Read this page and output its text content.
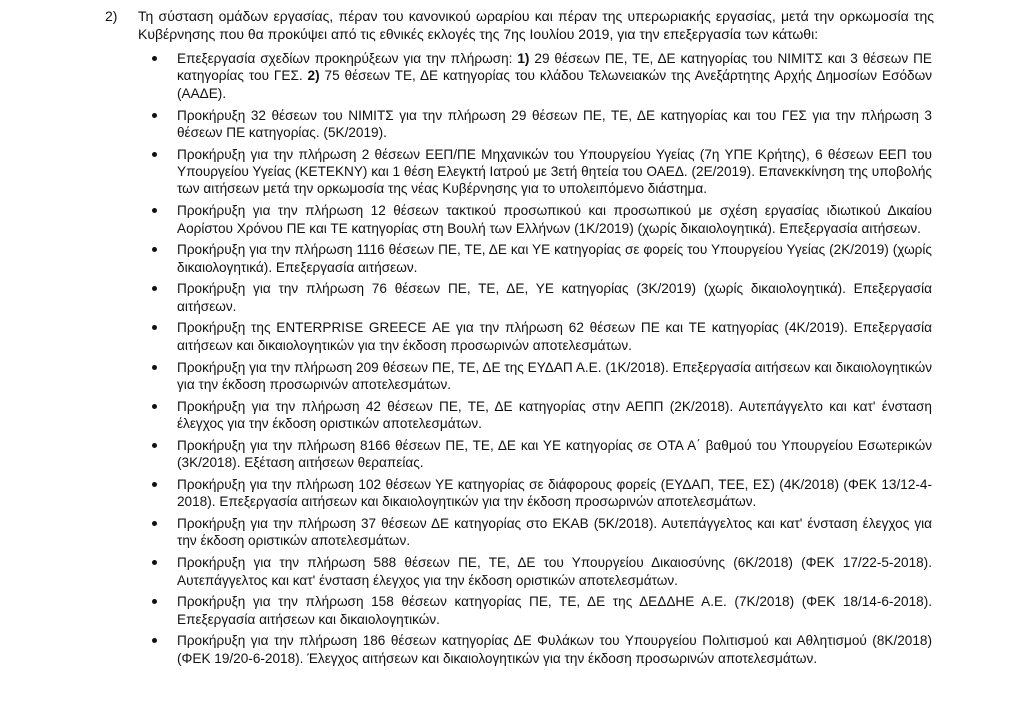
2) Τη σύσταση ομάδων εργασίας, πέραν του κανονικού ωραρίου και πέραν της υπερωριακής εργασίας, μετά την ορκωμοσία της Κυβέρνησης που θα προκύψει από τις εθνικές εκλογές της 7ης Ιουλίου 2019, για την επεξεργασία των κάτωθι:
Επεξεργασία σχεδίων προκηρύξεων για την πλήρωση: 1) 29 θέσεων ΠΕ, ΤΕ, ΔΕ κατηγορίας του ΝΙΜΙΤΣ και 3 θέσεων ΠΕ κατηγορίας του ΓΕΣ. 2) 75 θέσεων ΤΕ, ΔΕ κατηγορίας του κλάδου Τελωνειακών της Ανεξάρτητης Αρχής Δημοσίων Εσόδων (ΑΑΔΕ).
Προκήρυξη 32 θέσεων του ΝΙΜΙΤΣ για την πλήρωση 29 θέσεων ΠΕ, ΤΕ, ΔΕ κατηγορίας και του ΓΕΣ για την πλήρωση 3 θέσεων ΠΕ κατηγορίας. (5Κ/2019).
Προκήρυξη για την πλήρωση 2 θέσεων ΕΕΠ/ΠΕ Μηχανικών του Υπουργείου Υγείας (7η ΥΠΕ Κρήτης), 6 θέσεων ΕΕΠ του Υπουργείου Υγείας (ΚΕΤΕΚΝΥ) και 1 θέση Ελεγκτή Ιατρού με 3ετή θητεία του ΟΑΕΔ. (2Ε/2019). Επανεκκίνηση της υποβολής των αιτήσεων μετά την ορκωμοσία της νέας Κυβέρνησης για το υπολειπόμενο διάστημα.
Προκήρυξη για την πλήρωση 12 θέσεων τακτικού προσωπικού και προσωπικού με σχέση εργασίας ιδιωτικού Δικαίου Αορίστου Χρόνου ΠΕ και ΤΕ κατηγορίας στη Βουλή των Ελλήνων (1Κ/2019) (χωρίς δικαιολογητικά). Επεξεργασία αιτήσεων.
Προκήρυξη για την πλήρωση 1116 θέσεων ΠΕ, ΤΕ, ΔΕ και ΥΕ κατηγορίας σε φορείς του Υπουργείου Υγείας (2Κ/2019) (χωρίς δικαιολογητικά). Επεξεργασία αιτήσεων.
Προκήρυξη για την πλήρωση 76 θέσεων ΠΕ, ΤΕ, ΔΕ, ΥΕ κατηγορίας (3Κ/2019) (χωρίς δικαιολογητικά). Επεξεργασία αιτήσεων.
Προκήρυξη της ENTERPRISE GREECE ΑΕ για την πλήρωση 62 θέσεων ΠΕ και ΤΕ κατηγορίας (4Κ/2019). Επεξεργασία αιτήσεων και δικαιολογητικών για την έκδοση προσωρινών αποτελεσμάτων.
Προκήρυξη για την πλήρωση 209 θέσεων ΠΕ, ΤΕ, ΔΕ της ΕΥΔΑΠ Α.Ε. (1Κ/2018). Επεξεργασία αιτήσεων και δικαιολογητικών για την έκδοση προσωρινών αποτελεσμάτων.
Προκήρυξη για την πλήρωση 42 θέσεων ΠΕ, ΤΕ, ΔΕ κατηγορίας στην ΑΕΠΠ (2Κ/2018). Αυτεπάγγελτο και κατ' ένσταση έλεγχος για την έκδοση οριστικών αποτελεσμάτων.
Προκήρυξη για την πλήρωση 8166 θέσεων ΠΕ, ΤΕ, ΔΕ και ΥΕ κατηγορίας σε ΟΤΑ Α΄ βαθμού του Υπουργείου Εσωτερικών (3Κ/2018). Εξέταση αιτήσεων θεραπείας.
Προκήρυξη για την πλήρωση 102 θέσεων ΥΕ κατηγορίας σε διάφορους φορείς (ΕΥΔΑΠ, ΤΕΕ, ΕΣ) (4Κ/2018) (ΦΕΚ 13/12-4-2018). Επεξεργασία αιτήσεων και δικαιολογητικών για την έκδοση προσωρινών αποτελεσμάτων.
Προκήρυξη για την πλήρωση 37 θέσεων ΔΕ κατηγορίας στο ΕΚΑΒ (5Κ/2018). Αυτεπάγγελτος και κατ' ένσταση έλεγχος για την έκδοση οριστικών αποτελεσμάτων.
Προκήρυξη για την πλήρωση 588 θέσεων ΠΕ, ΤΕ, ΔΕ του Υπουργείου Δικαιοσύνης (6Κ/2018) (ΦΕΚ 17/22-5-2018). Αυτεπάγγελτος και κατ' ένσταση έλεγχος για την έκδοση οριστικών αποτελεσμάτων.
Προκήρυξη για την πλήρωση 158 θέσεων κατηγορίας ΠΕ, ΤΕ, ΔΕ της ΔΕΔΔΗΕ Α.Ε. (7Κ/2018) (ΦΕΚ 18/14-6-2018). Επεξεργασία αιτήσεων και δικαιολογητικών.
Προκήρυξη για την πλήρωση 186 θέσεων κατηγορίας ΔΕ Φυλάκων του Υπουργείου Πολιτισμού και Αθλητισμού (8Κ/2018) (ΦΕΚ 19/20-6-2018). Έλεγχος αιτήσεων και δικαιολογητικών για την έκδοση προσωρινών αποτελεσμάτων.
